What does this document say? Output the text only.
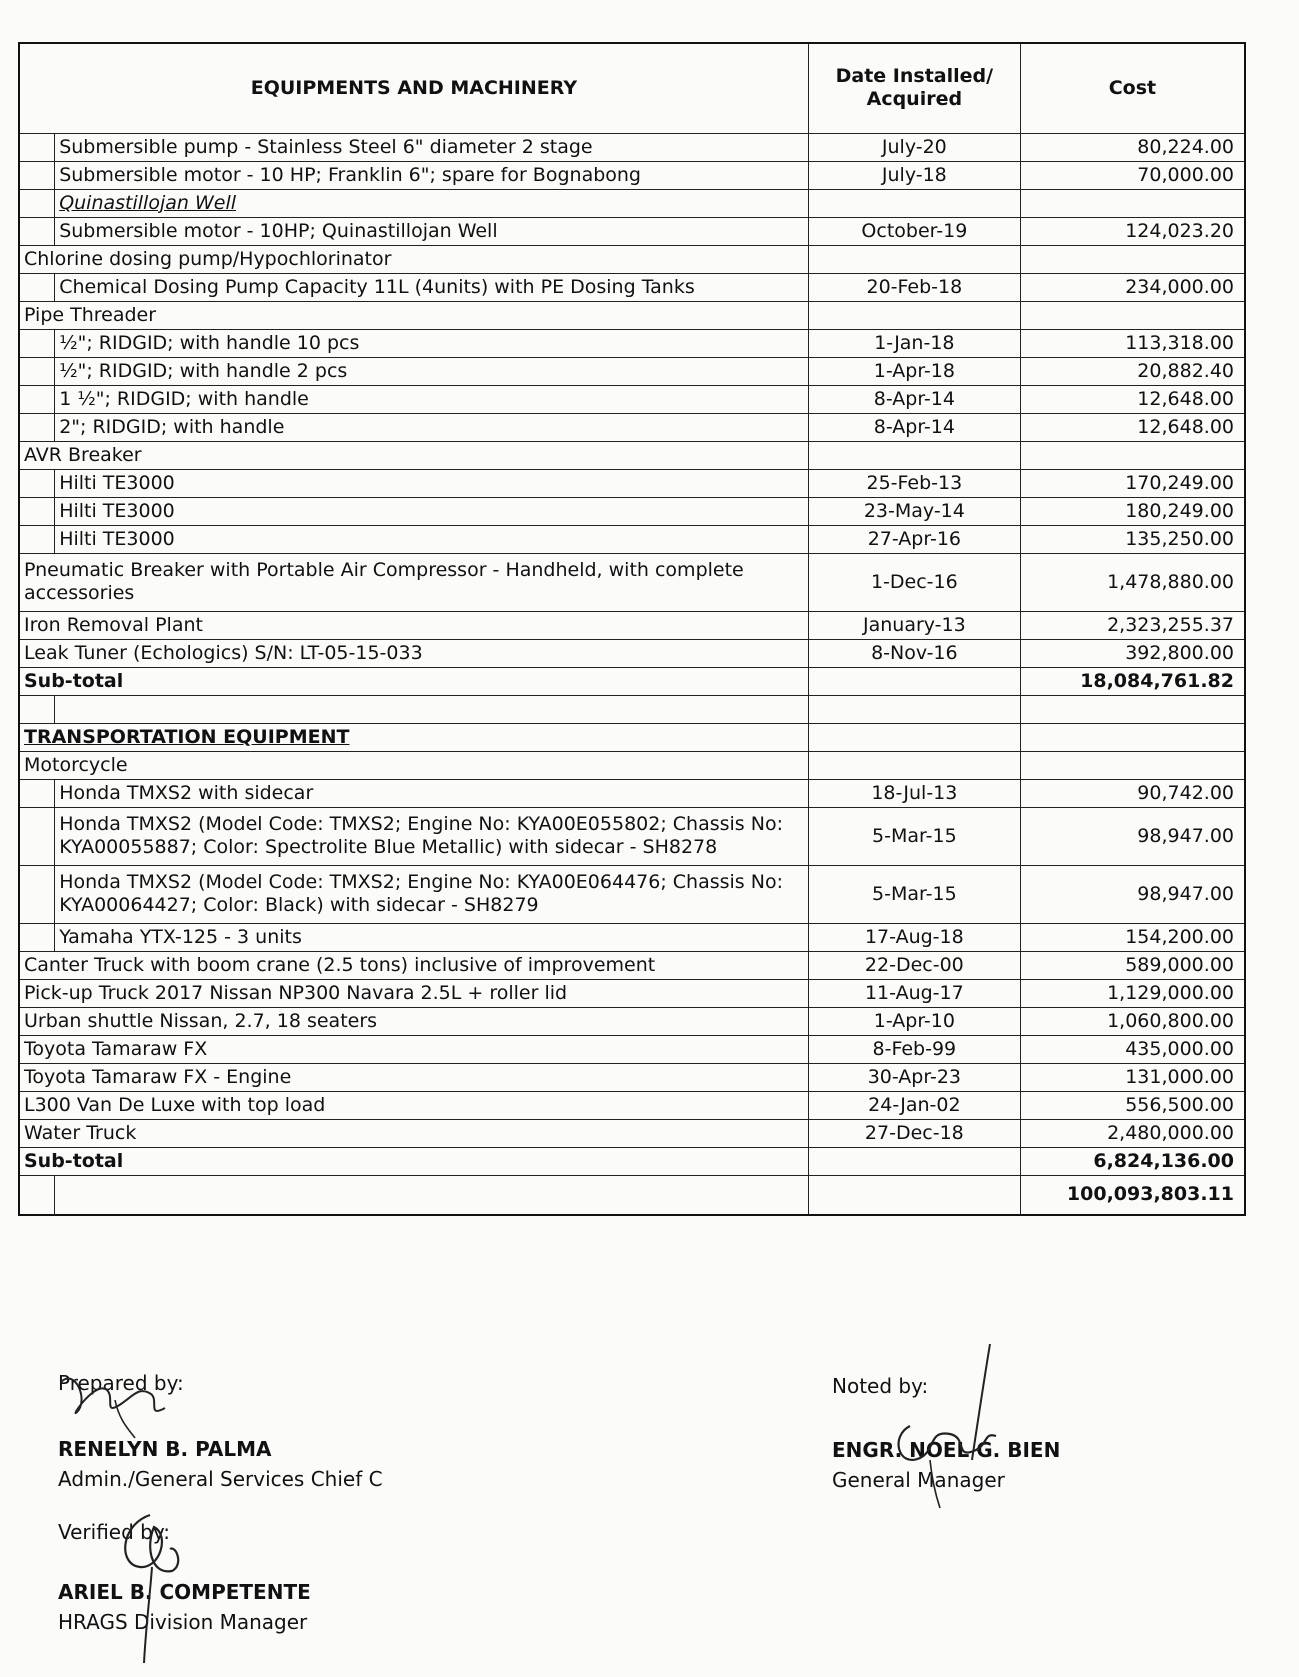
EQUIPMENTS AND MACHINERY		Date Installed/
Acquired	Cost
	Submersible pump - Stainless Steel 6" diameter 2 stage	July-20	80,224.00
	Submersible motor - 10 HP; Franklin 6"; spare for Bognabong	July-18	70,000.00
	Quinastillojan Well		
	Submersible motor - 10HP; Quinastillojan Well	October-19	124,023.20
Chlorine dosing pump/Hypochlorinator			
	Chemical Dosing Pump Capacity 11L (4units) with PE Dosing Tanks	20-Feb-18	234,000.00
Pipe Threader			
	½"; RIDGID; with handle 10 pcs	1-Jan-18	113,318.00
	½"; RIDGID; with handle 2 pcs	1-Apr-18	20,882.40
	1 ½"; RIDGID; with handle	8-Apr-14	12,648.00
	2"; RIDGID; with handle	8-Apr-14	12,648.00
AVR Breaker			
	Hilti TE3000	25-Feb-13	170,249.00
	Hilti TE3000	23-May-14	180,249.00
	Hilti TE3000	27-Apr-16	135,250.00
Pneumatic Breaker with Portable Air Compressor - Handheld, with complete accessories		1-Dec-16	1,478,880.00
Iron Removal Plant		January-13	2,323,255.37
Leak Tuner (Echologics) S/N: LT-05-15-033		8-Nov-16	392,800.00
Sub-total			18,084,761.82

TRANSPORTATION EQUIPMENT			
Motorcycle			
	Honda TMXS2 with sidecar	18-Jul-13	90,742.00
	Honda TMXS2 (Model Code: TMXS2; Engine No: KYA00E055802; Chassis No: KYA00055887; Color: Spectrolite Blue Metallic) with sidecar - SH8278	5-Mar-15	98,947.00
	Honda TMXS2 (Model Code: TMXS2; Engine No: KYA00E064476; Chassis No: KYA00064427; Color: Black) with sidecar - SH8279	5-Mar-15	98,947.00
	Yamaha YTX-125 - 3 units	17-Aug-18	154,200.00
Canter Truck with boom crane (2.5 tons) inclusive of improvement		22-Dec-00	589,000.00
Pick-up Truck 2017 Nissan NP300 Navara 2.5L + roller lid		11-Aug-17	1,129,000.00
Urban shuttle Nissan, 2.7, 18 seaters		1-Apr-10	1,060,800.00
Toyota Tamaraw FX		8-Feb-99	435,000.00
Toyota Tamaraw FX - Engine		30-Apr-23	131,000.00
L300 Van De Luxe with top load		24-Jan-02	556,500.00
Water Truck		27-Dec-18	2,480,000.00
Sub-total			6,824,136.00
			100,093,803.11

Prepared by:

RENELYN B. PALMA

Admin./General Services Chief C

Verified by:

ARIEL B. COMPETENTE

HRAGS Division Manager

Noted by:

ENGR. NOEL G. BIEN

General Manager
